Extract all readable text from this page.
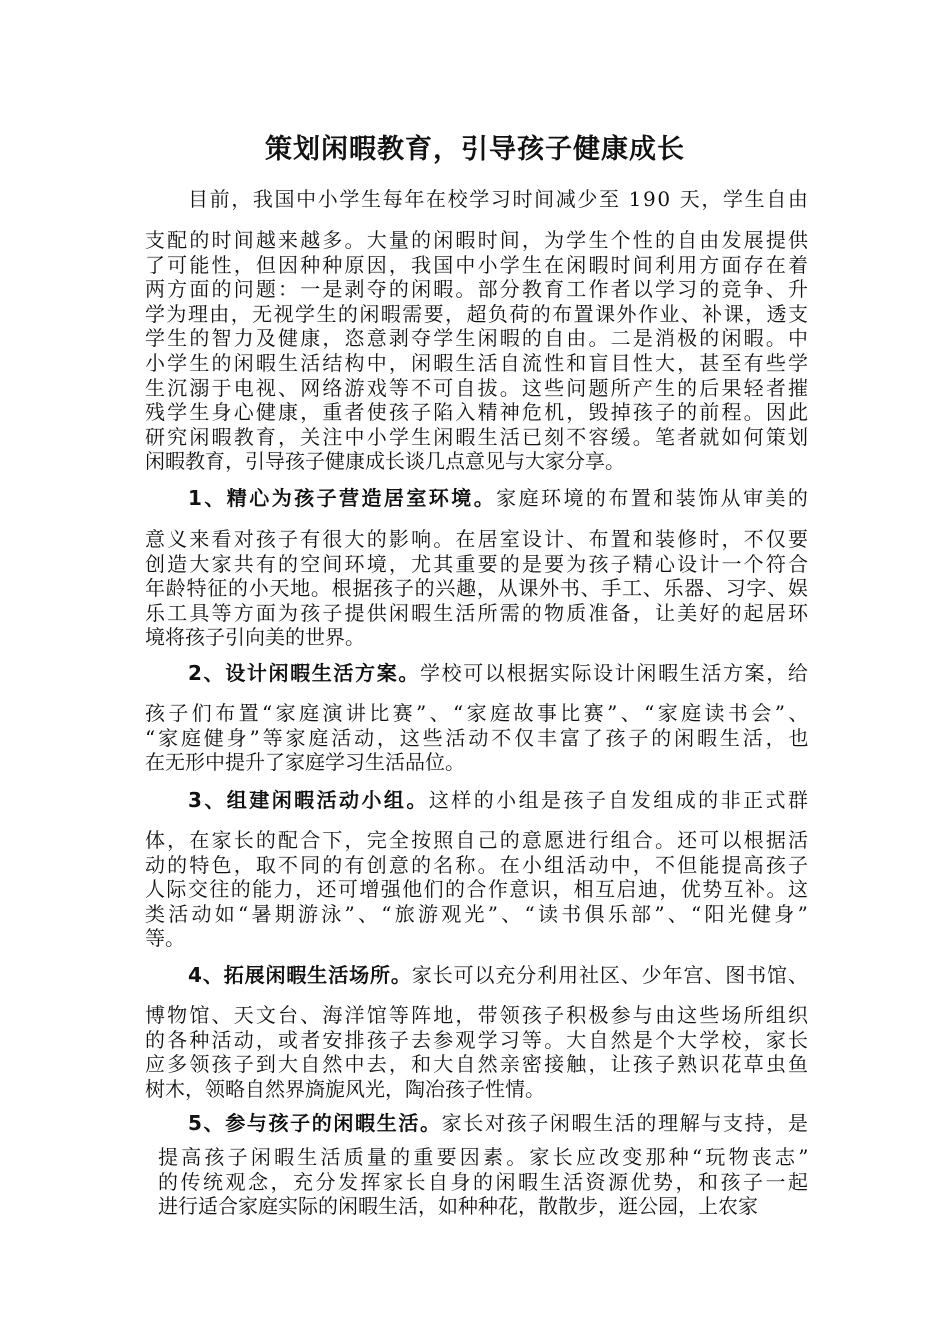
策划闲暇教育，引导孩子健康成长
目前，我国中小学生每年在校学习时间减少至 190 天，学生自由
支配的时间越来越多。大量的闲暇时间，为学生个性的自由发展提供
了可能性，但因种种原因，我国中小学生在闲暇时间利用方面存在着
两方面的问题：一是剥夺的闲暇。部分教育工作者以学习的竞争、升
学为理由，无视学生的闲暇需要，超负荷的布置课外作业、补课，透支
学生的智力及健康，恣意剥夺学生闲暇的自由。二是消极的闲暇。中
小学生的闲暇生活结构中，闲暇生活自流性和盲目性大，甚至有些学
生沉溺于电视、网络游戏等不可自拔。这些问题所产生的后果轻者摧
残学生身心健康，重者使孩子陷入精神危机，毁掉孩子的前程。因此
研究闲暇教育，关注中小学生闲暇生活已刻不容缓。笔者就如何策划
闲暇教育，引导孩子健康成长谈几点意见与大家分享。
1、精心为孩子营造居室环境。家庭环境的布置和装饰从审美的
意义来看对孩子有很大的影响。在居室设计、布置和装修时，不仅要
创造大家共有的空间环境，尤其重要的是要为孩子精心设计一个符合
年龄特征的小天地。根据孩子的兴趣，从课外书、手工、乐器、习字、娱
乐工具等方面为孩子提供闲暇生活所需的物质准备，让美好的起居环
境将孩子引向美的世界。
2、设计闲暇生活方案。学校可以根据实际设计闲暇生活方案，给
孩子们布置“家庭演讲比赛”、“家庭故事比赛”、“家庭读书会”、
“家庭健身”等家庭活动，这些活动不仅丰富了孩子的闲暇生活，也
在无形中提升了家庭学习生活品位。
3、组建闲暇活动小组。这样的小组是孩子自发组成的非正式群
体，在家长的配合下，完全按照自己的意愿进行组合。还可以根据活
动的特色，取不同的有创意的名称。在小组活动中，不但能提高孩子
人际交往的能力，还可增强他们的合作意识，相互启迪，优势互补。这
类活动如“暑期游泳”、“旅游观光”、“读书俱乐部”、“阳光健身”
等。
4、拓展闲暇生活场所。家长可以充分利用社区、少年宫、图书馆、
博物馆、天文台、海洋馆等阵地，带领孩子积极参与由这些场所组织
的各种活动，或者安排孩子去参观学习等。大自然是个大学校，家长
应多领孩子到大自然中去，和大自然亲密接触，让孩子熟识花草虫鱼
树木，领略自然界旖旎风光，陶冶孩子性情。
5、参与孩子的闲暇生活。家长对孩子闲暇生活的理解与支持，是
提高孩子闲暇生活质量的重要因素。家长应改变那种“玩物丧志”
的传统观念，充分发挥家长自身的闲暇生活资源优势，和孩子一起
进行适合家庭实际的闲暇生活，如种种花，散散步，逛公园，上农家
